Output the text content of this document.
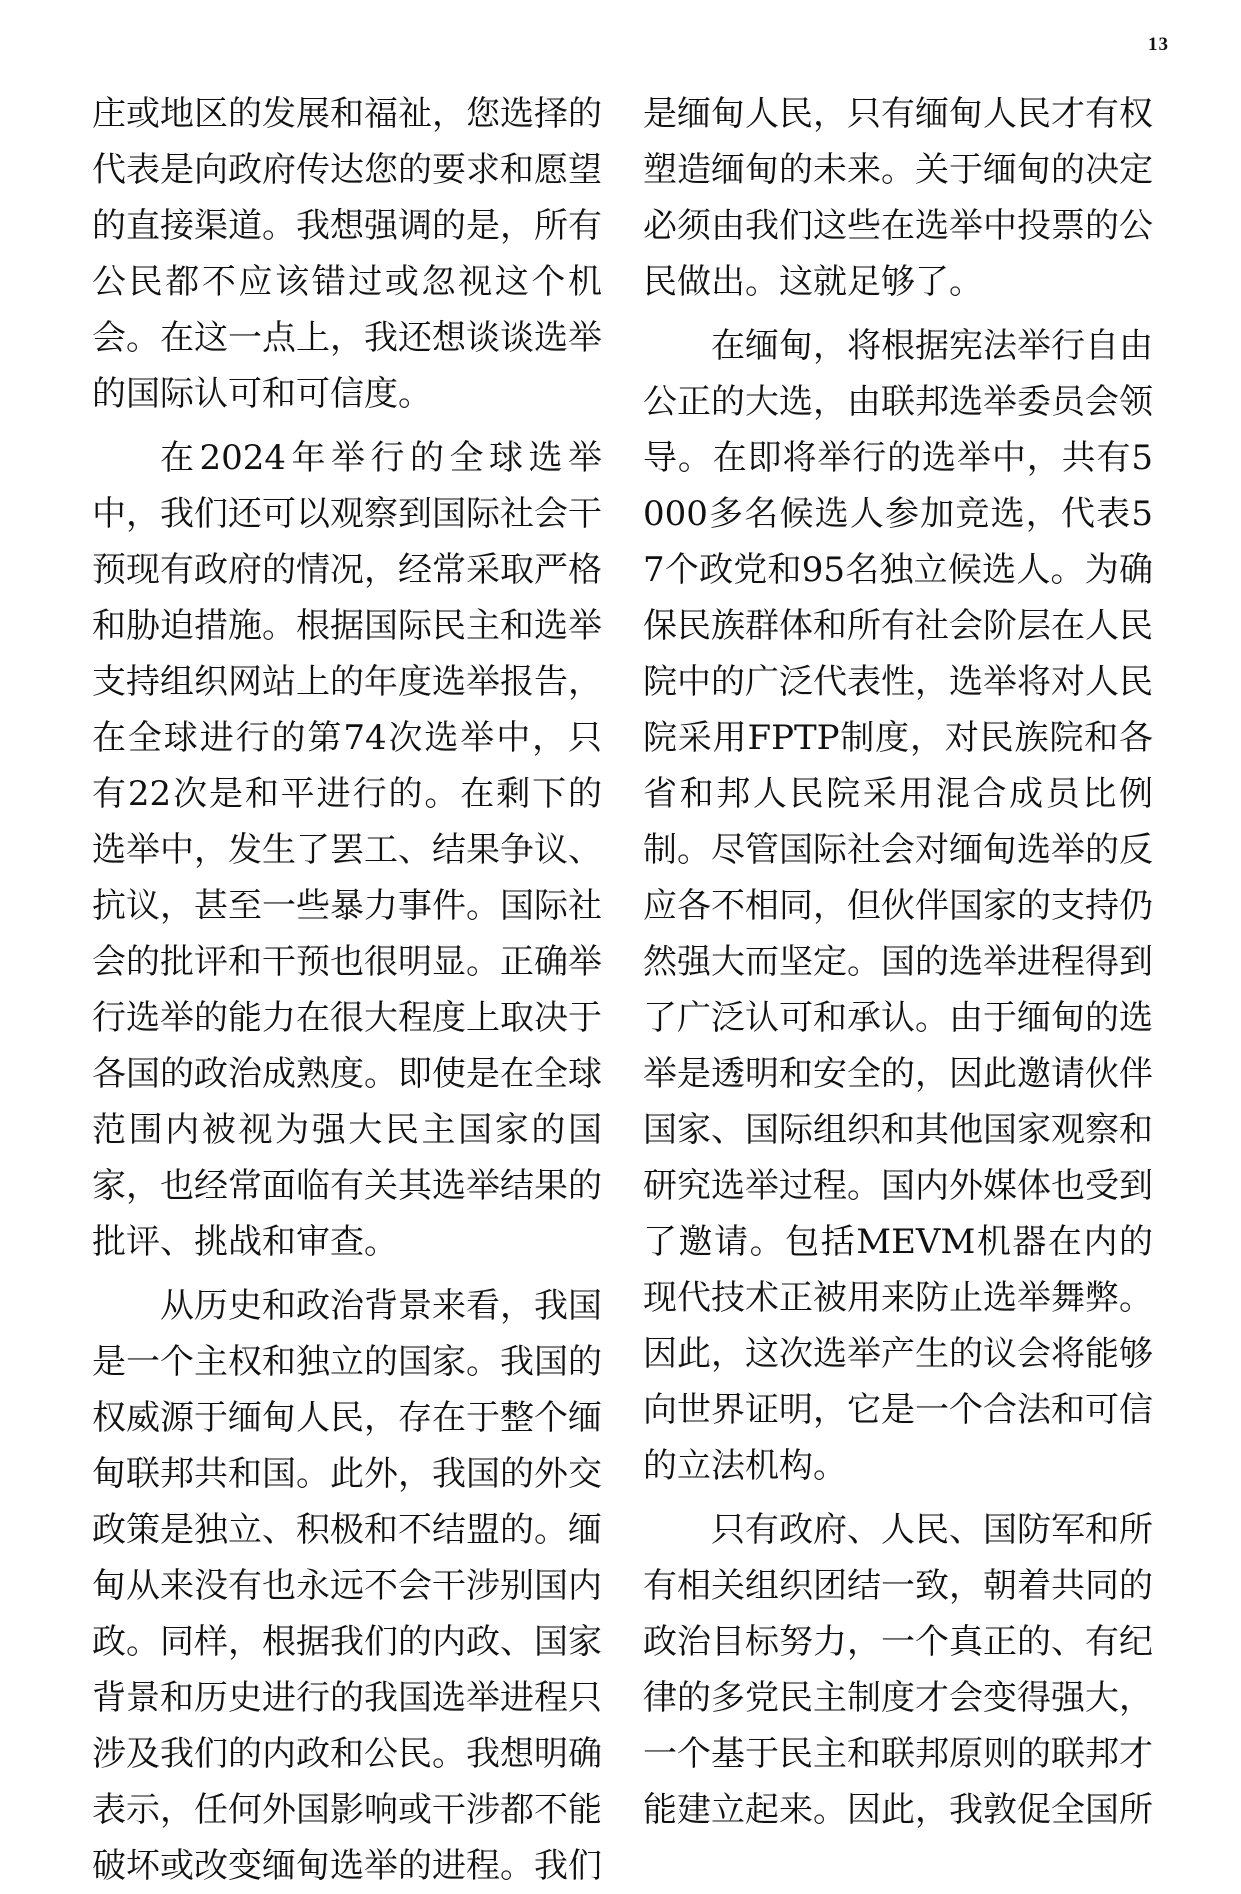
13

庄或地区的发展和福祉，您选择的代表是向政府传达您的要求和愿望的直接渠道。我想强调的是，所有公民都不应该错过或忽视这个机会。在这一点上，我还想谈谈选举的国际认可和可信度。

在2024年举行的全球选举中，我们还可以观察到国际社会干预现有政府的情况，经常采取严格和胁迫措施。根据国际民主和选举支持组织网站上的年度选举报告，在全球进行的第74次选举中，只有22次是和平进行的。在剩下的选举中，发生了罢工、结果争议、抗议，甚至一些暴力事件。国际社会的批评和干预也很明显。正确举行选举的能力在很大程度上取决于各国的政治成熟度。即使是在全球范围内被视为强大民主国家的国家，也经常面临有关其选举结果的批评、挑战和审查。

从历史和政治背景来看，我国是一个主权和独立的国家。我国的权威源于缅甸人民，存在于整个缅甸联邦共和国。此外，我国的外交政策是独立、积极和不结盟的。缅甸从来没有也永远不会干涉别国内政。同样，根据我们的内政、国家背景和历史进行的我国选举进程只涉及我们的内政和公民。我想明确表示，任何外国影响或干涉都不能破坏或改变缅甸选举的进程。我们

是缅甸人民，只有缅甸人民才有权塑造缅甸的未来。关于缅甸的决定必须由我们这些在选举中投票的公民做出。这就足够了。

在缅甸，将根据宪法举行自由公正的大选，由联邦选举委员会领导。在即将举行的选举中，共有5000多名候选人参加竞选，代表57个政党和95名独立候选人。为确保民族群体和所有社会阶层在人民院中的广泛代表性，选举将对人民院采用FPTP制度，对民族院和各省和邦人民院采用混合成员比例制。尽管国际社会对缅甸选举的反应各不相同，但伙伴国家的支持仍然强大而坚定。国的选举进程得到了广泛认可和承认。由于缅甸的选举是透明和安全的，因此邀请伙伴国家、国际组织和其他国家观察和研究选举过程。国内外媒体也受到了邀请。包括MEVM机器在内的现代技术正被用来防止选举舞弊。因此，这次选举产生的议会将能够向世界证明，它是一个合法和可信的立法机构。

只有政府、人民、国防军和所有相关组织团结一致，朝着共同的政治目标努力，一个真正的、有纪律的多党民主制度才会变得强大，一个基于民主和联邦原则的联邦才能建立起来。因此，我敦促全国所
